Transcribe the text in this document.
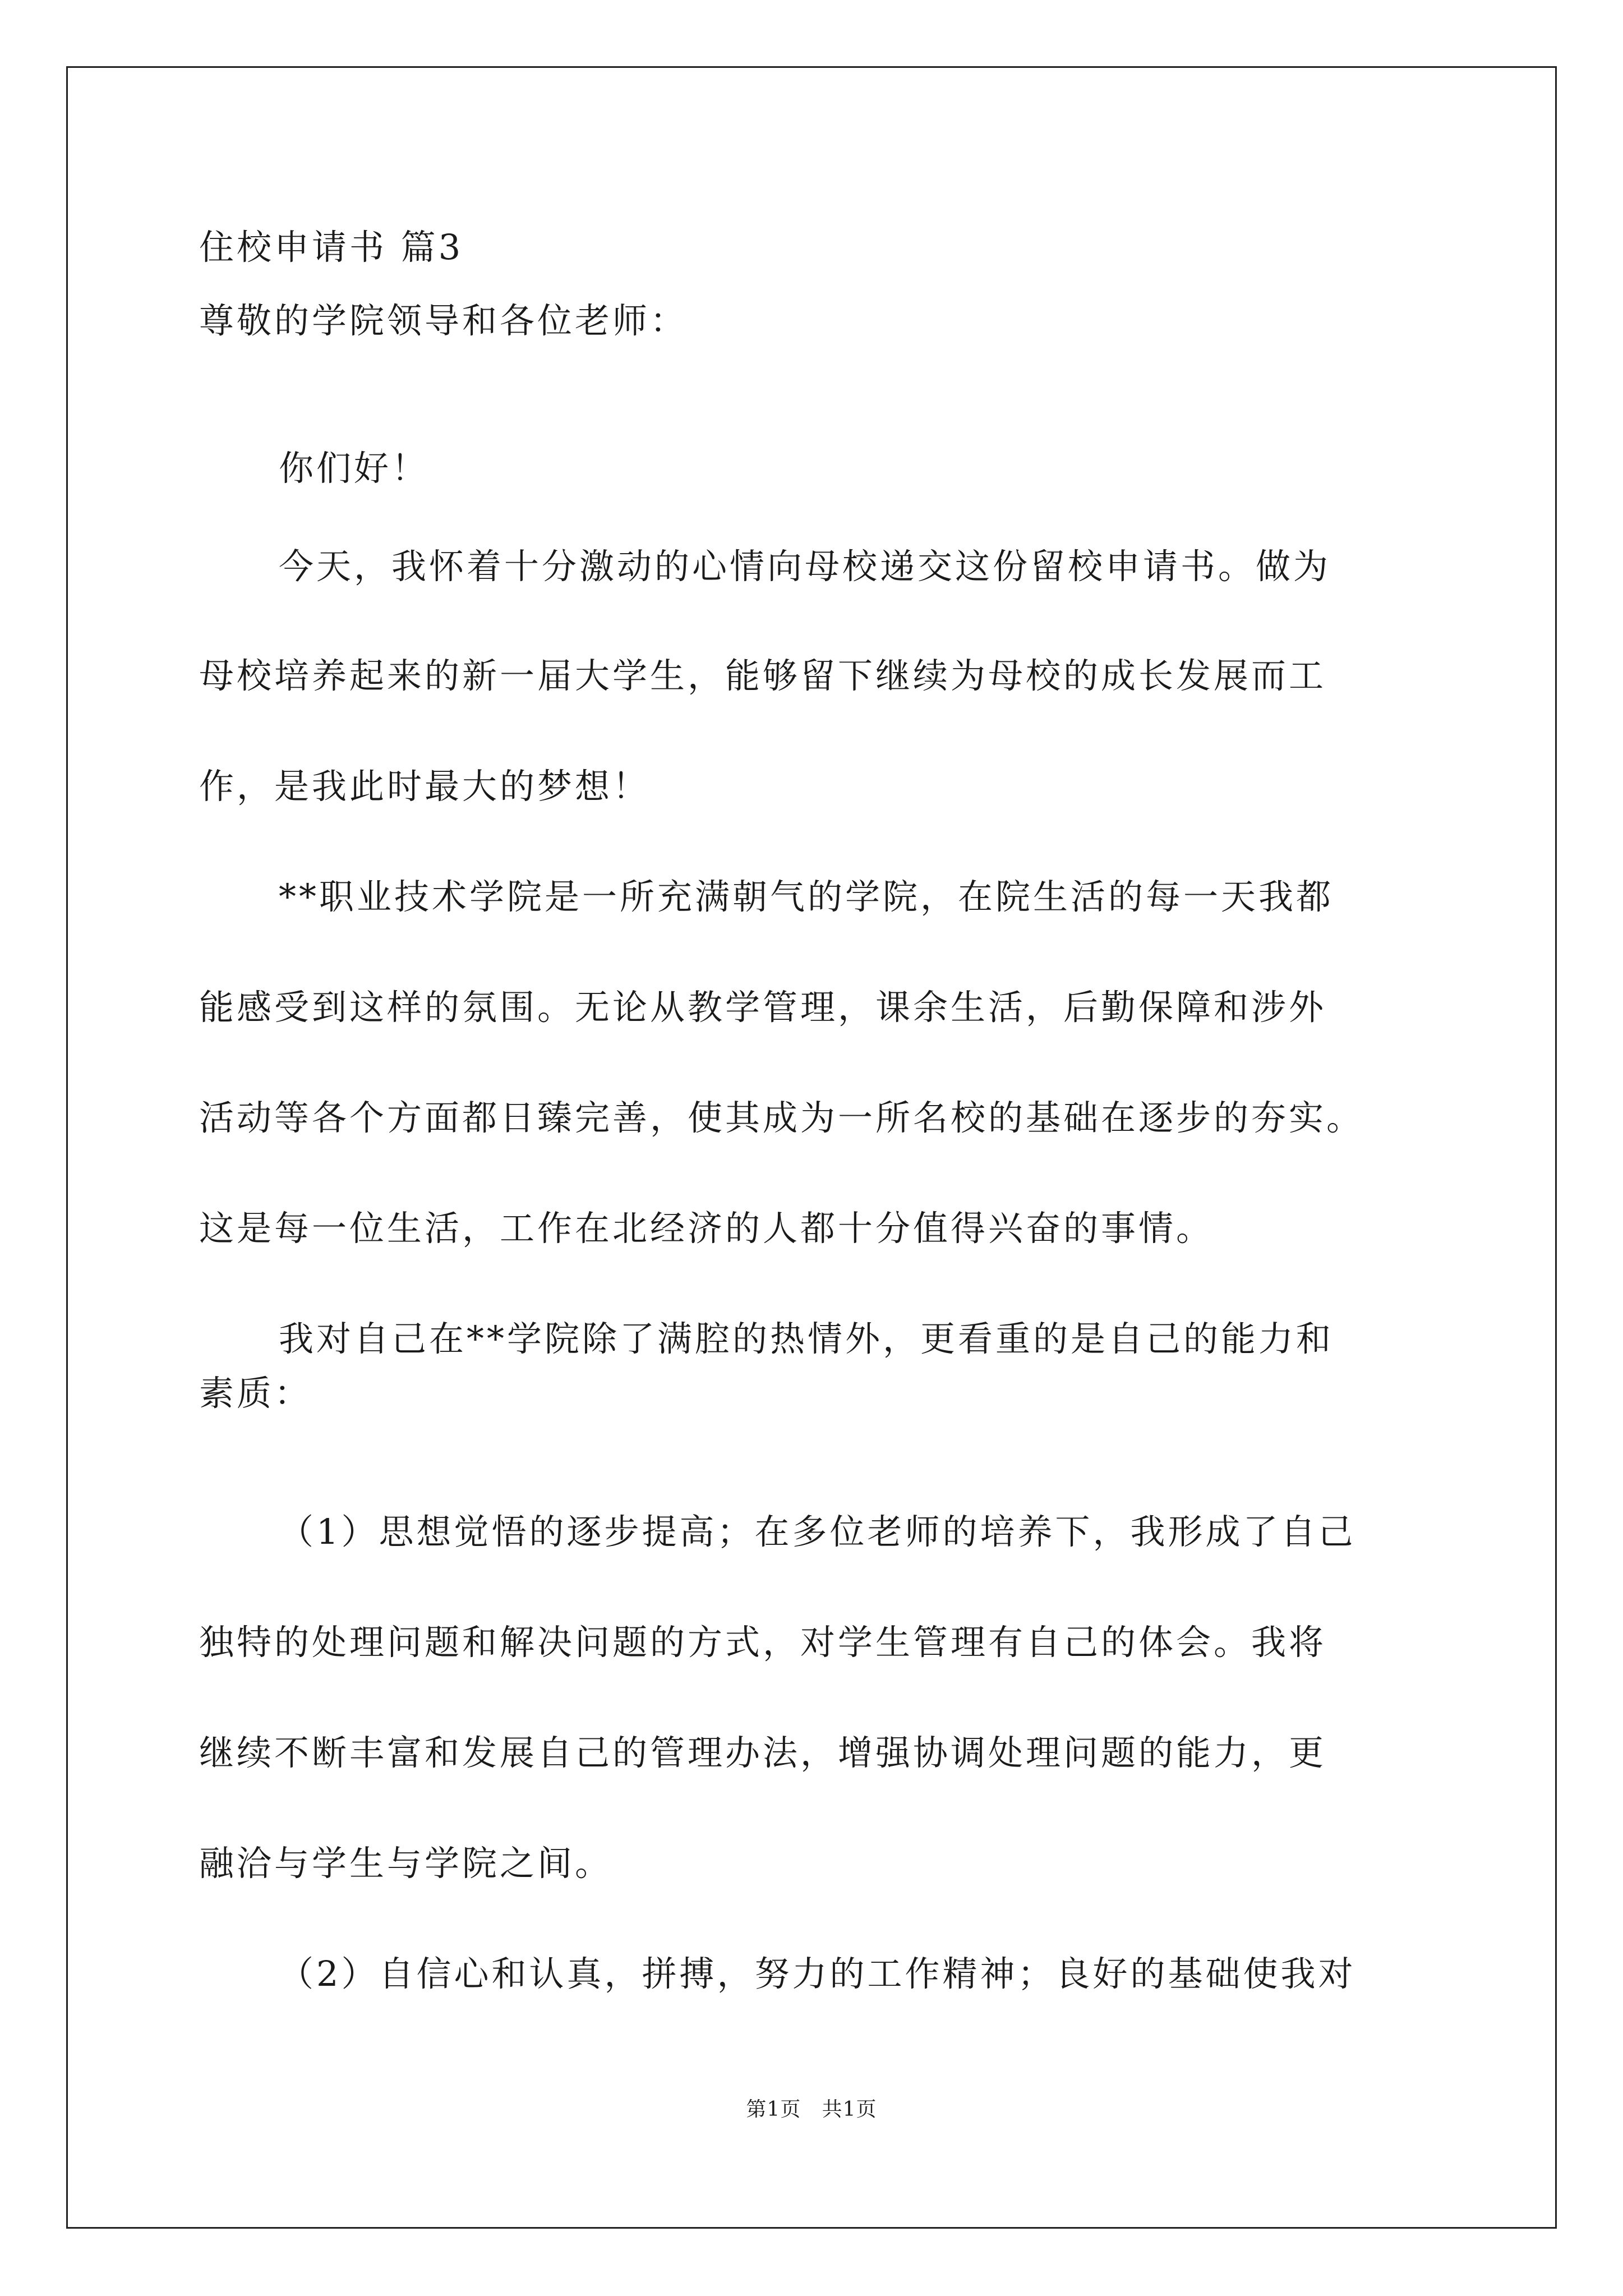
住校申请书 篇3
尊敬的学院领导和各位老师：
你们好！
今天，我怀着十分激动的心情向母校递交这份留校申请书。做为
母校培养起来的新一届大学生，能够留下继续为母校的成长发展而工
作，是我此时最大的梦想！
**职业技术学院是一所充满朝气的学院，在院生活的每一天我都
能感受到这样的氛围。无论从教学管理，课余生活，后勤保障和涉外
活动等各个方面都日臻完善，使其成为一所名校的基础在逐步的夯实。
这是每一位生活，工作在北经济的人都十分值得兴奋的事情。
我对自己在**学院除了满腔的热情外，更看重的是自己的能力和
素质：
（1）思想觉悟的逐步提高；在多位老师的培养下，我形成了自己
独特的处理问题和解决问题的方式，对学生管理有自己的体会。我将
继续不断丰富和发展自己的管理办法，增强协调处理问题的能力，更
融洽与学生与学院之间。
（2）自信心和认真，拼搏，努力的工作精神；良好的基础使我对
第1页   共1页
